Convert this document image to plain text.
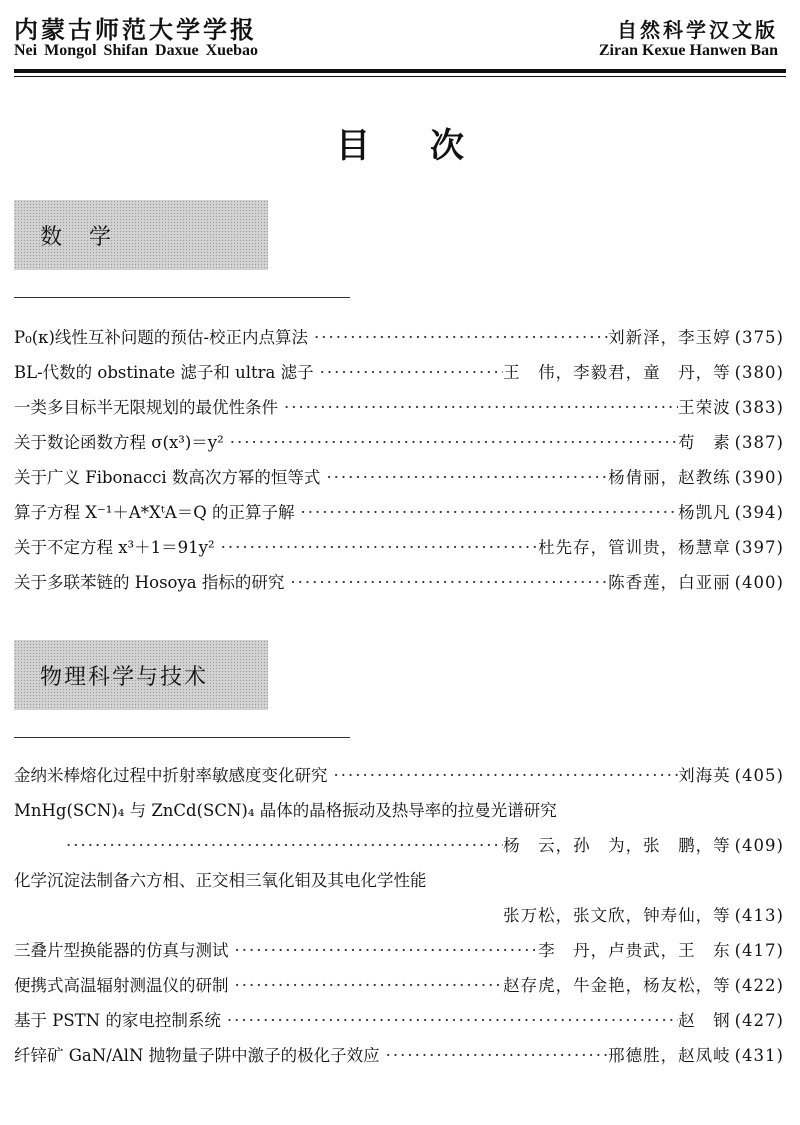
内蒙古师范大学学报
Nei Mongol Shifan Daxue Xuebao
自然科学汉文版
Ziran Kexue Hanwen Ban
目次
数 学
P₀(κ)线性互补问题的预估-校正内点算法 ·····	刘新泽，李玉婷 (375)
BL-代数的 obstinate 滤子和 ultra 滤子 ·····	王　伟，李毅君，童　丹，等 (380)
一类多目标半无限规划的最优性条件 ·····	王荣波 (383)
关于数论函数方程 σ(x³)＝y² ·····	苟　素 (387)
关于广义 Fibonacci 数高次方幂的恒等式 ·····	杨倩丽，赵教练 (390)
算子方程 X⁻¹＋A*XᵗA＝Q 的正算子解 ·····	杨凯凡 (394)
关于不定方程 x³＋1＝91y² ·····	杜先存，管训贵，杨慧章 (397)
关于多联苯链的 Hosoya 指标的研究 ·····	陈香莲，白亚丽 (400)
物理科学与技术
金纳米棒熔化过程中折射率敏感度变化研究 ·····	刘海英 (405)
MnHg(SCN)₄ 与 ZnCd(SCN)₄ 晶体的晶格振动及热导率的拉曼光谱研究
·····
杨　云，孙　为，张　鹏，等 (409)
化学沉淀法制备六方相、正交相三氧化钼及其电化学性能
张万松，张文欣，钟寿仙，等 (413)
三叠片型换能器的仿真与测试 ·····	李　丹，卢贵武，王　东 (417)
便携式高温辐射测温仪的研制 ·····	赵存虎，牛金艳，杨友松，等 (422)
基于 PSTN 的家电控制系统 ·····	赵　钢 (427)
纤锌矿 GaN/AlN 抛物量子阱中激子的极化子效应 ·····	邢德胜，赵凤岐 (431)
